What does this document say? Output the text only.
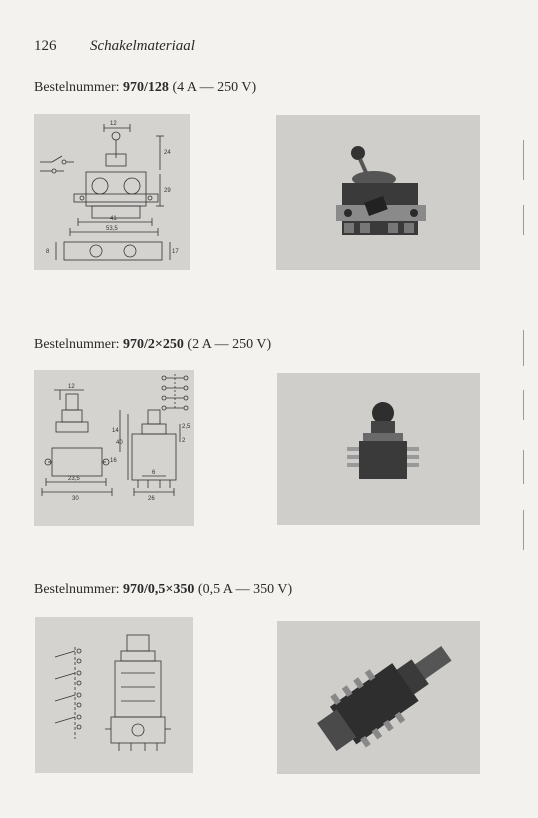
126 Schakelmateriaal
Bestelnummer: 970/128 (4 A — 250 V)
12
24
29
41
53,5
17
8
Bestelnummer: 970/2×250 (2 A — 250 V)
12
14
40
16
23,5
30
2,5
2
6
26
Bestelnummer: 970/0,5×350 (0,5 A — 350 V)
